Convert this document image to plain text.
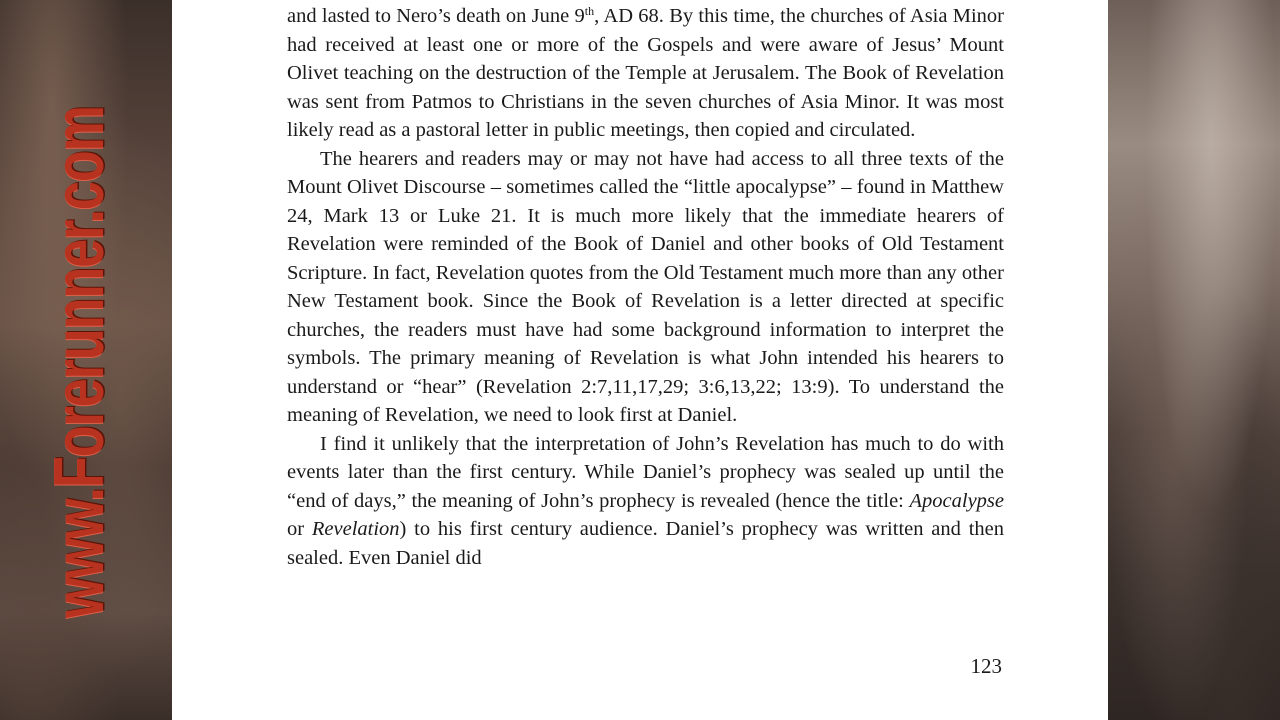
www.Forerunner.com

and lasted to Nero’s death on June 9th, AD 68. By this time, the churches of Asia Minor had received at least one or more of the Gospels and were aware of Jesus’ Mount Olivet teaching on the destruction of the Temple at Jerusalem. The Book of Revelation was sent from Patmos to Christians in the seven churches of Asia Minor. It was most likely read as a pastoral letter in public meetings, then copied and circulated.

The hearers and readers may or may not have had access to all three texts of the Mount Olivet Discourse – sometimes called the “little apocalypse” – found in Matthew 24, Mark 13 or Luke 21. It is much more likely that the immediate hearers of Revelation were reminded of the Book of Daniel and other books of Old Testament Scripture. In fact, Revelation quotes from the Old Testament much more than any other New Testament book. Since the Book of Revelation is a letter directed at specific churches, the readers must have had some background information to interpret the symbols. The primary meaning of Revelation is what John intended his hearers to understand or “hear” (Revelation 2:7,11,17,29; 3:6,13,22; 13:9). To understand the meaning of Revelation, we need to look first at Daniel.

I find it unlikely that the interpretation of John’s Revelation has much to do with events later than the first century. While Daniel’s prophecy was sealed up until the “end of days,” the meaning of John’s prophecy is revealed (hence the title: Apocalypse or Revelation) to his first century audience. Daniel’s prophecy was written and then sealed. Even Daniel did

123
